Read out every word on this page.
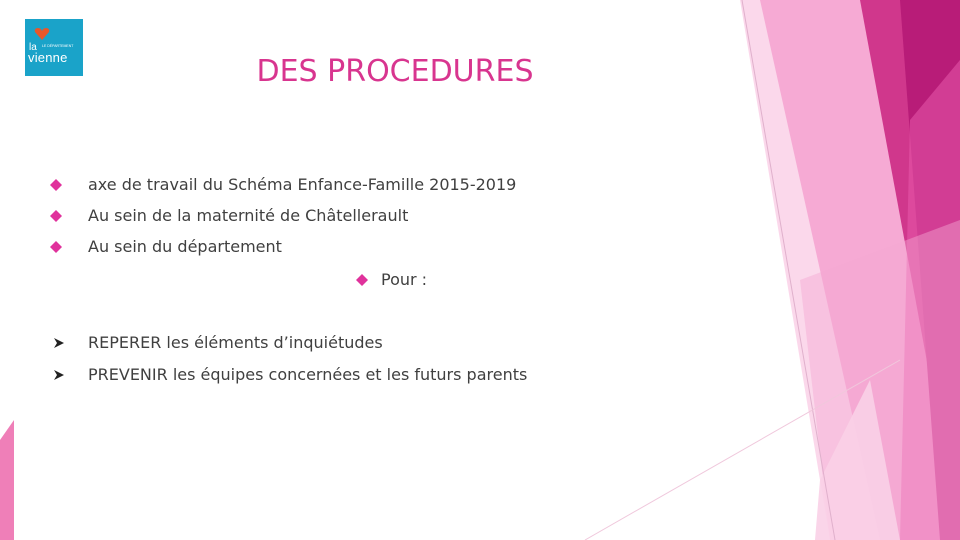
la LE DÉPARTEMENT
vienne	DES PROCEDURES
axe de travail du Schéma Enfance-Famille 2015-2019
Au sein de la maternité de Châtellerault
Au sein du département
Pour :
REPERER les éléments d’inquiétudes
PREVENIR les équipes concernées et les futurs parents
